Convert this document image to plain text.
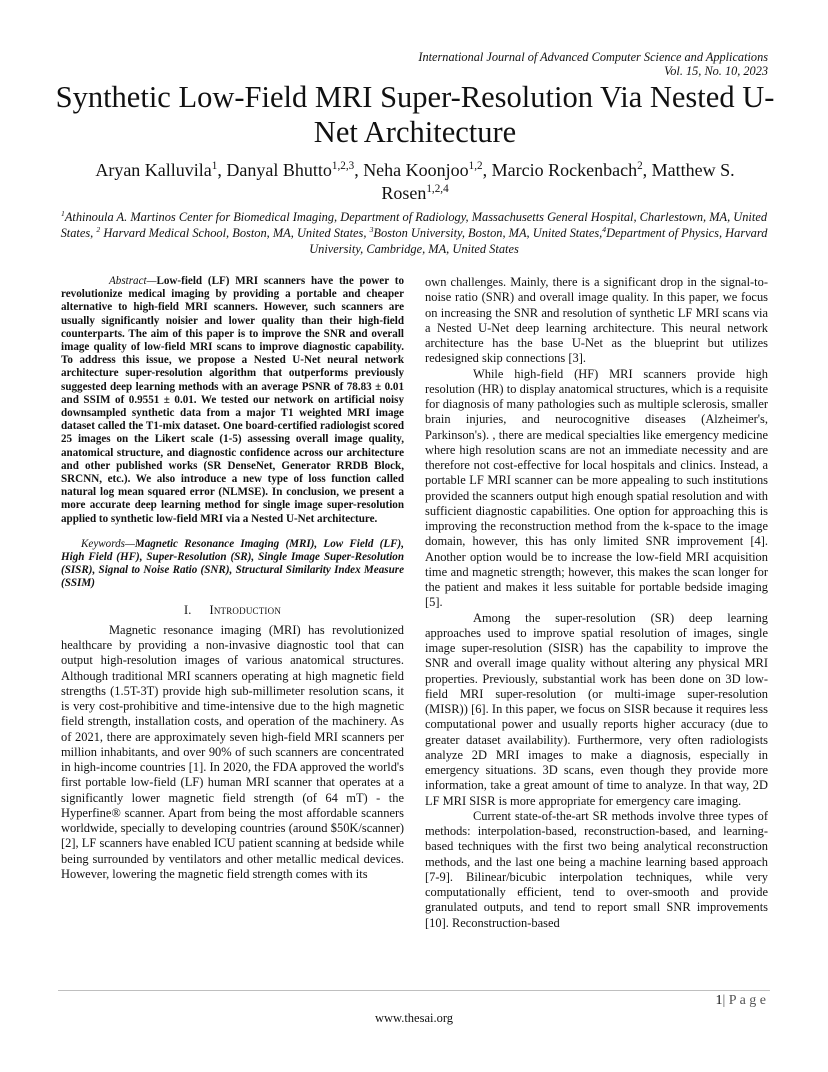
International Journal of Advanced Computer Science and Applications
Vol. 15, No. 10, 2023
Synthetic Low-Field MRI Super-Resolution Via Nested U-Net Architecture
Aryan Kalluvila$^1$, Danyal Bhutto$^{1,2,3}$, Neha Koonjoo$^{1,2}$, Marcio Rockenbach$^2$, Matthew S. Rosen$^{1,2,4}$
$^1$Athinoula A. Martinos Center for Biomedical Imaging, Department of Radiology, Massachusetts General Hospital, Charlestown, MA, United States, $^2$ Harvard Medical School, Boston, MA, United States, $^3$Boston University, Boston, MA, United States,$^4$Department of Physics, Harvard University, Cambridge, MA, United States
Abstract—Low-field (LF) MRI scanners have the power to revolutionize medical imaging by providing a portable and cheaper alternative to high-field MRI scanners. However, such scanners are usually significantly noisier and lower quality than their high-field counterparts. The aim of this paper is to improve the SNR and overall image quality of low-field MRI scans to improve diagnostic capability. To address this issue, we propose a Nested U-Net neural network architecture super-resolution algorithm that outperforms previously suggested deep learning methods with an average PSNR of 78.83 ± 0.01 and SSIM of 0.9551 ± 0.01. We tested our network on artificial noisy downsampled synthetic data from a major T1 weighted MRI image dataset called the T1-mix dataset. One board-certified radiologist scored 25 images on the Likert scale (1-5) assessing overall image quality, anatomical structure, and diagnostic confidence across our architecture and other published works (SR DenseNet, Generator RRDB Block, SRCNN, etc.). We also introduce a new type of loss function called natural log mean squared error (NLMSE). In conclusion, we present a more accurate deep learning method for single image super-resolution applied to synthetic low-field MRI via a Nested U-Net architecture.
Keywords—Magnetic Resonance Imaging (MRI), Low Field (LF), High Field (HF), Super-Resolution (SR), Single Image Super-Resolution (SISR), Signal to Noise Ratio (SNR), Structural Similarity Index Measure (SSIM)
I. Introduction

Magnetic resonance imaging (MRI) has revolutionized healthcare by providing a non-invasive diagnostic tool that can output high-resolution images of various anatomical structures. Although traditional MRI scanners operating at high magnetic field strengths (1.5T-3T) provide high sub-millimeter resolution scans, it is very cost-prohibitive and time-intensive due to the high magnetic field strength, installation costs, and operation of the machinery. As of 2021, there are approximately seven high-field MRI scanners per million inhabitants, and over 90% of such scanners are concentrated in high-income countries [1]. In 2020, the FDA approved the world's first portable low-field (LF) human MRI scanner that operates at a significantly lower magnetic field strength (of 64 mT) - the Hyperfine® scanner. Apart from being the most affordable scanners worldwide, specially to developing countries (around $50K/scanner) [2], LF scanners have enabled ICU patient scanning at bedside while being surrounded by ventilators and other metallic medical devices. However, lowering the magnetic field strength comes with its

own challenges. Mainly, there is a significant drop in the signal-to-noise ratio (SNR) and overall image quality. In this paper, we focus on increasing the SNR and resolution of synthetic LF MRI scans via a Nested U-Net deep learning architecture. This neural network architecture has the base U-Net as the blueprint but utilizes redesigned skip connections [3].

While high-field (HF) MRI scanners provide high resolution (HR) to display anatomical structures, which is a requisite for diagnosis of many pathologies such as multiple sclerosis, smaller brain injuries, and neurocognitive diseases (Alzheimer's, Parkinson's). , there are medical specialties like emergency medicine where high resolution scans are not an immediate necessity and are therefore not cost-effective for local hospitals and clinics. Instead, a portable LF MRI scanner can be more appealing to such institutions provided the scanners output high enough spatial resolution and with sufficient diagnostic capabilities. One option for approaching this is improving the reconstruction method from the k-space to the image domain, however, this has only limited SNR improvement [4]. Another option would be to increase the low-field MRI acquisition time and magnetic strength; however, this makes the scan longer for the patient and makes it less suitable for portable bedside imaging [5].

Among the super-resolution (SR) deep learning approaches used to improve spatial resolution of images, single image super-resolution (SISR) has the capability to improve the SNR and overall image quality without altering any physical MRI properties. Previously, substantial work has been done on 3D low-field MRI super-resolution (or multi-image super-resolution (MISR)) [6]. In this paper, we focus on SISR because it requires less computational power and usually reports higher accuracy (due to greater dataset availability). Furthermore, very often radiologists analyze 2D MRI images to make a diagnosis, especially in emergency situations. 3D scans, even though they provide more information, take a great amount of time to analyze. In that way, 2D LF MRI SISR is more appropriate for emergency care imaging.

Current state-of-the-art SR methods involve three types of methods: interpolation-based, reconstruction-based, and learning-based techniques with the first two being analytical reconstruction methods, and the last one being a machine learning based approach [7-9]. Bilinear/bicubic interpolation techniques, while very computationally efficient, tend to over-smooth and provide granulated outputs, and tend to report small SNR improvements [10]. Reconstruction-based

1| P a g e
www.thesai.org
